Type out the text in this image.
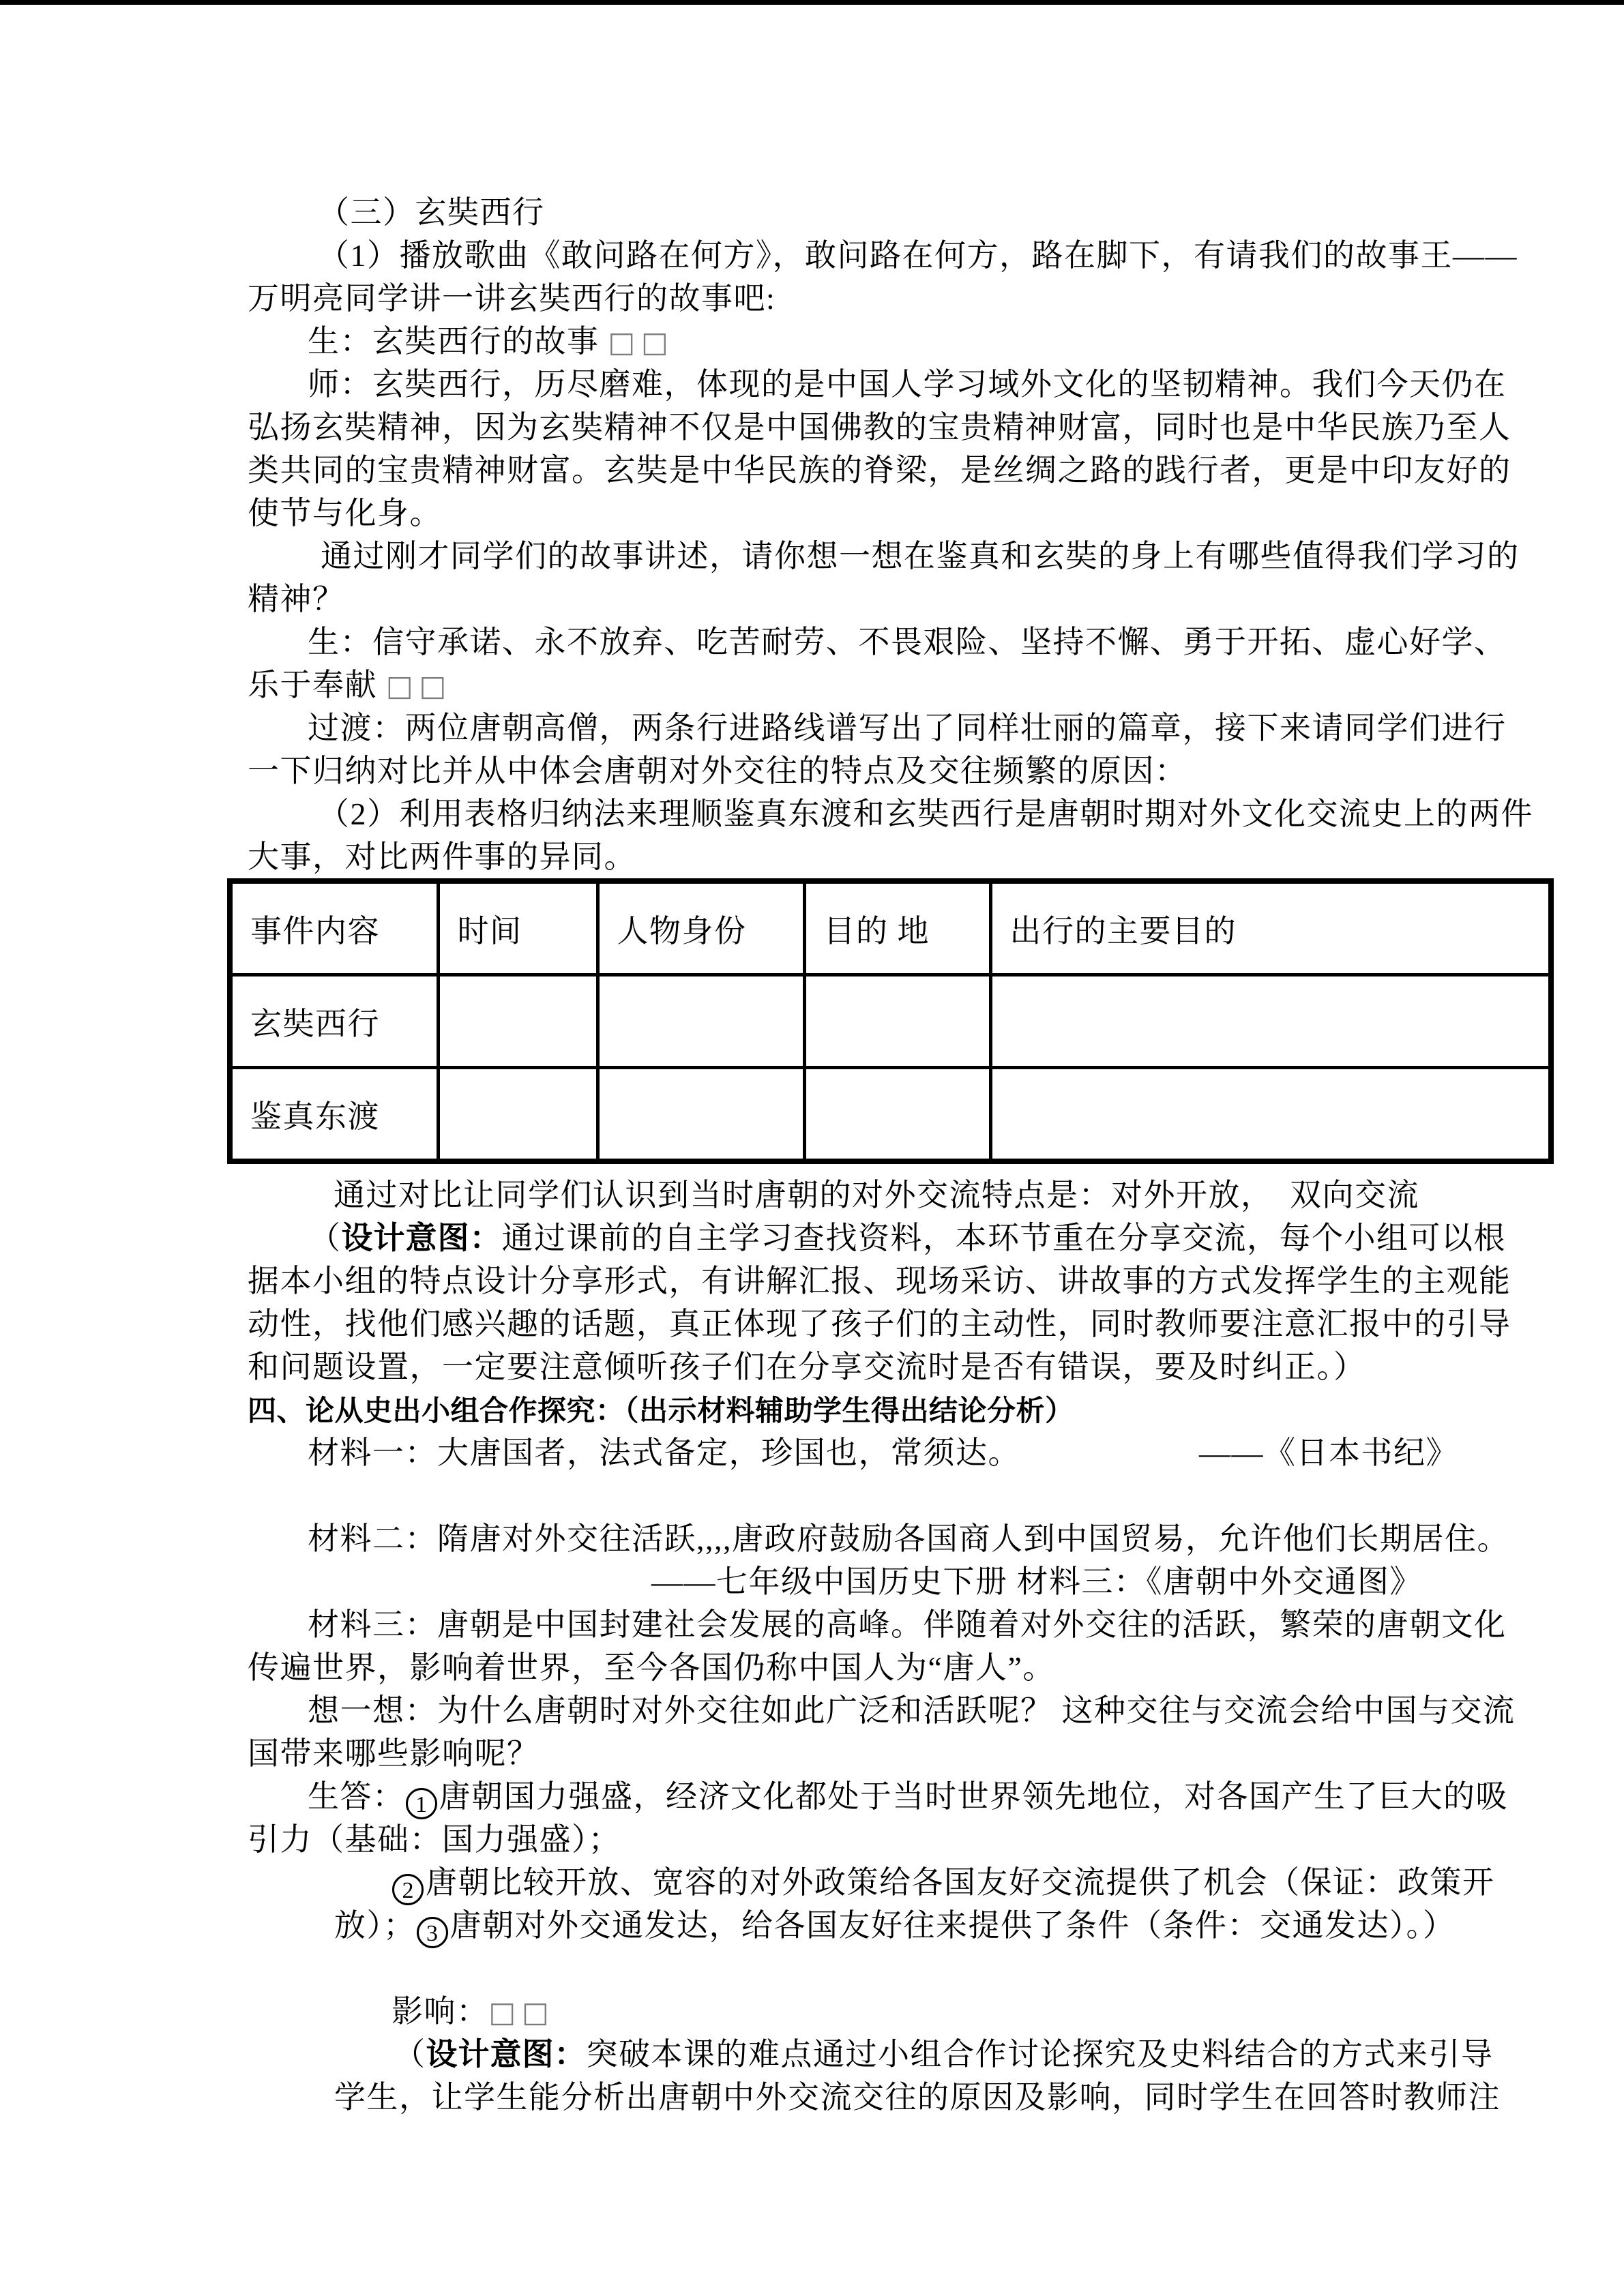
（三）玄奘西行

（1）播放歌曲《敢问路在何方》，敢问路在何方，路在脚下，有请我们的故事王——

万明亮同学讲一讲玄奘西行的故事吧:

生：玄奘西行的故事 □□

师：玄奘西行，历尽磨难，体现的是中国人学习域外文化的坚韧精神。我们今天仍在

弘扬玄奘精神，因为玄奘精神不仅是中国佛教的宝贵精神财富，同时也是中华民族乃至人

类共同的宝贵精神财富。玄奘是中华民族的脊梁，是丝绸之路的践行者，更是中印友好的

使节与化身。

通过刚才同学们的故事讲述，请你想一想在鉴真和玄奘的身上有哪些值得我们学习的

精神？

生：信守承诺、永不放弃、吃苦耐劳、不畏艰险、坚持不懈、勇于开拓、虚心好学、

乐于奉献 □□

过渡：两位唐朝高僧，两条行进路线谱写出了同样壮丽的篇章，接下来请同学们进行

一下归纳对比并从中体会唐朝对外交往的特点及交往频繁的原因：

（2）利用表格归纳法来理顺鉴真东渡和玄奘西行是唐朝时期对外文化交流史上的两件

大事，对比两件事的异同。

事件内容	时间	人物身份	目的 地	出行的主要目的
玄奘西行				
鉴真东渡				

通过对比让同学们认识到当时唐朝的对外交流特点是：对外开放，　双向交流

（设计意图：通过课前的自主学习查找资料，本环节重在分享交流，每个小组可以根

据本小组的特点设计分享形式，有讲解汇报、现场采访、讲故事的方式发挥学生的主观能

动性，找他们感兴趣的话题，真正体现了孩子们的主动性，同时教师要注意汇报中的引导

和问题设置，一定要注意倾听孩子们在分享交流时是否有错误，要及时纠正。）

四、论从史出小组合作探究：（出示材料辅助学生得出结论分析）

材料一：大唐国者，法式备定，珍国也，常须达。　　　　　　——《日本书纪》

材料二：隋唐对外交往活跃,,,,唐政府鼓励各国商人到中国贸易，允许他们长期居住。

——七年级中国历史下册 材料三：《唐朝中外交通图》

材料三：唐朝是中国封建社会发展的高峰。伴随着对外交往的活跃，繁荣的唐朝文化

传遍世界，影响着世界，至今各国仍称中国人为“唐人”。

想一想：为什么唐朝时对外交往如此广泛和活跃呢？ 这种交往与交流会给中国与交流

国带来哪些影响呢？

生答： 1 唐朝国力强盛，经济文化都处于当时世界领先地位，对各国产生了巨大的吸

引力（基础：国力强盛）；

2 唐朝比较开放、宽容的对外政策给各国友好交流提供了机会（保证：政策开

放）； 3 唐朝对外交通发达，给各国友好往来提供了条件（条件：交通发达）。）

影响：□□

（设计意图：突破本课的难点通过小组合作讨论探究及史料结合的方式来引导

学生，让学生能分析出唐朝中外交流交往的原因及影响，同时学生在回答时教师注
